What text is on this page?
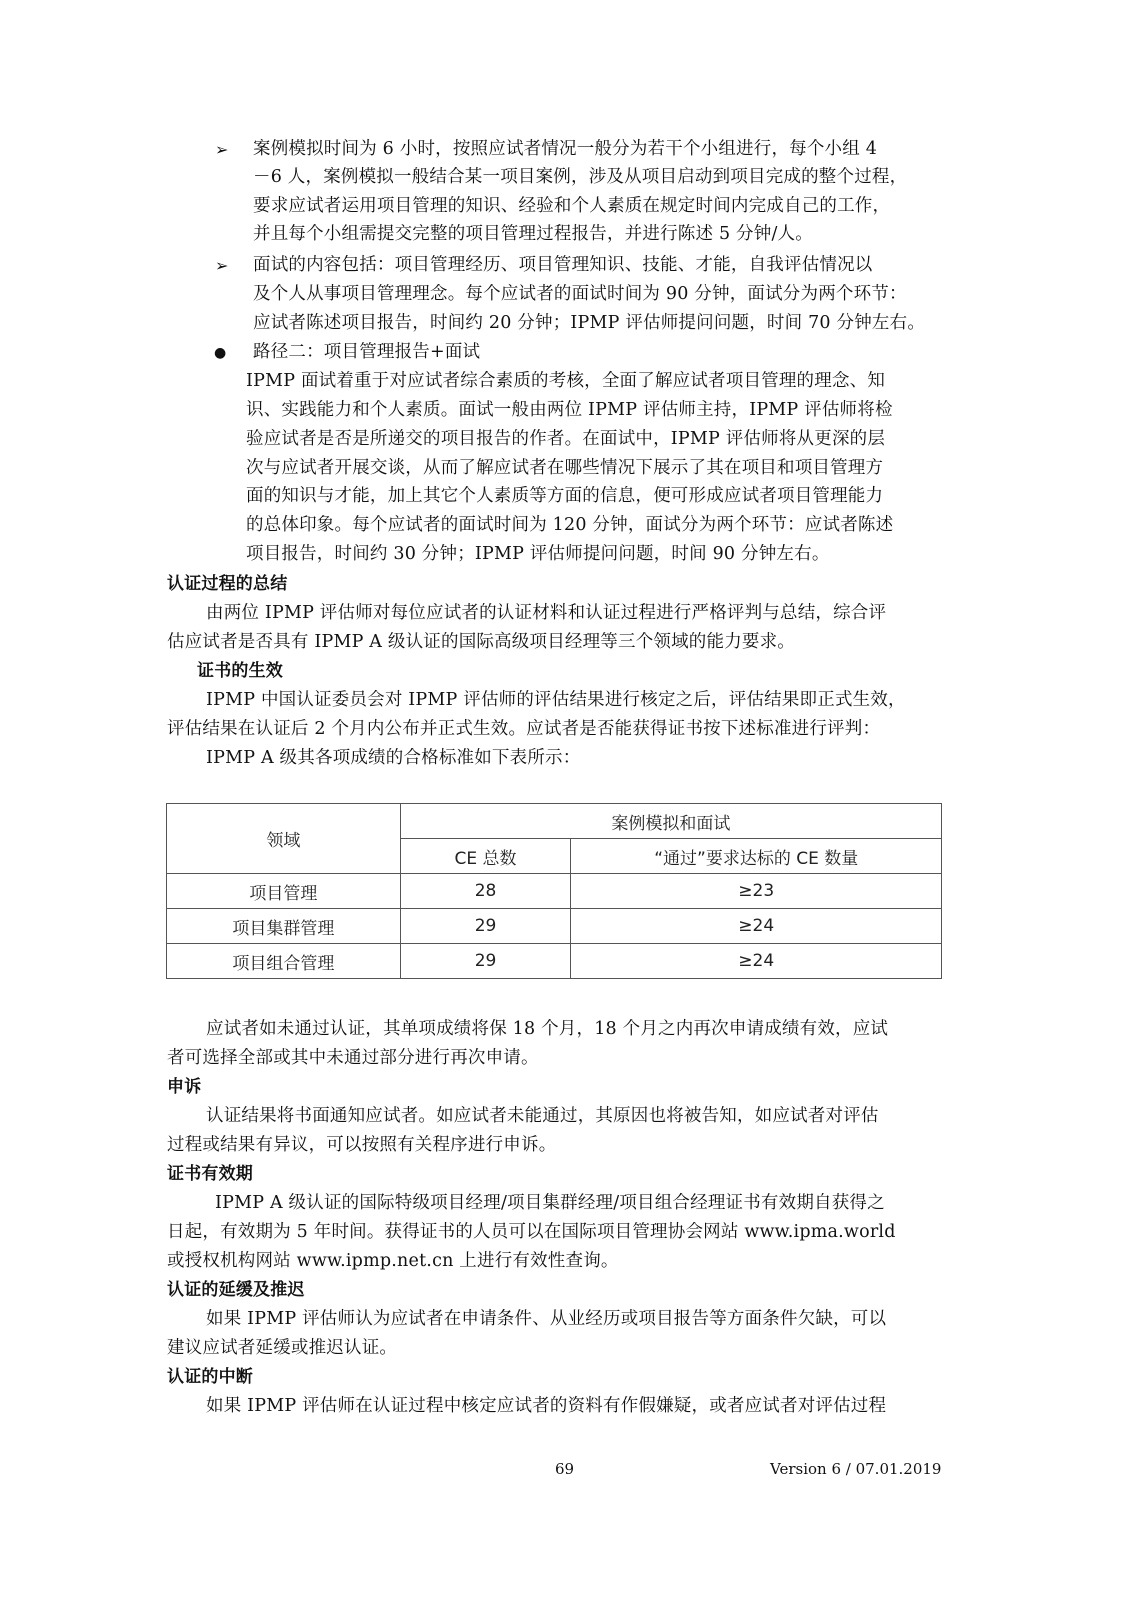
➢ 案例模拟时间为 6 小时，按照应试者情况一般分为若干个小组进行，每个小组 4
－6 人，案例模拟一般结合某一项目案例，涉及从项目启动到项目完成的整个过程，
要求应试者运用项目管理的知识、经验和个人素质在规定时间内完成自己的工作，
并且每个小组需提交完整的项目管理过程报告，并进行陈述 5 分钟/人。
➢ 面试的内容包括：项目管理经历、项目管理知识、技能、才能，自我评估情况以
及个人从事项目管理理念。每个应试者的面试时间为 90 分钟，面试分为两个环节：
应试者陈述项目报告，时间约 20 分钟；IPMP 评估师提问问题，时间 70 分钟左右。
● 路径二：项目管理报告+面试
IPMP 面试着重于对应试者综合素质的考核，全面了解应试者项目管理的理念、知
识、实践能力和个人素质。面试一般由两位 IPMP 评估师主持，IPMP 评估师将检
验应试者是否是所递交的项目报告的作者。在面试中，IPMP 评估师将从更深的层
次与应试者开展交谈，从而了解应试者在哪些情况下展示了其在项目和项目管理方
面的知识与才能，加上其它个人素质等方面的信息，便可形成应试者项目管理能力
的总体印象。每个应试者的面试时间为 120 分钟，面试分为两个环节：应试者陈述
项目报告，时间约 30 分钟；IPMP 评估师提问问题，时间 90 分钟左右。
认证过程的总结
由两位 IPMP 评估师对每位应试者的认证材料和认证过程进行严格评判与总结，综合评
估应试者是否具有 IPMP A 级认证的国际高级项目经理等三个领域的能力要求。
证书的生效
IPMP 中国认证委员会对 IPMP 评估师的评估结果进行核定之后，评估结果即正式生效，
评估结果在认证后 2 个月内公布并正式生效。应试者是否能获得证书按下述标准进行评判：
IPMP A 级其各项成绩的合格标准如下表所示：
领域	案例模拟和面试	
	CE 总数	“通过”要求达标的 CE 数量
项目管理	28	≥23
项目集群管理	29	≥24
项目组合管理	29	≥24
应试者如未通过认证，其单项成绩将保 18 个月，18 个月之内再次申请成绩有效，应试
者可选择全部或其中未通过部分进行再次申请。
申诉
认证结果将书面通知应试者。如应试者未能通过，其原因也将被告知，如应试者对评估
过程或结果有异议，可以按照有关程序进行申诉。
证书有效期
IPMP A 级认证的国际特级项目经理/项目集群经理/项目组合经理证书有效期自获得之
日起，有效期为 5 年时间。获得证书的人员可以在国际项目管理协会网站 www.ipma.world
或授权机构网站 www.ipmp.net.cn 上进行有效性查询。
认证的延缓及推迟
如果 IPMP 评估师认为应试者在申请条件、从业经历或项目报告等方面条件欠缺，可以
建议应试者延缓或推迟认证。
认证的中断
如果 IPMP 评估师在认证过程中核定应试者的资料有作假嫌疑，或者应试者对评估过程
69	Version 6 / 07.01.2019
